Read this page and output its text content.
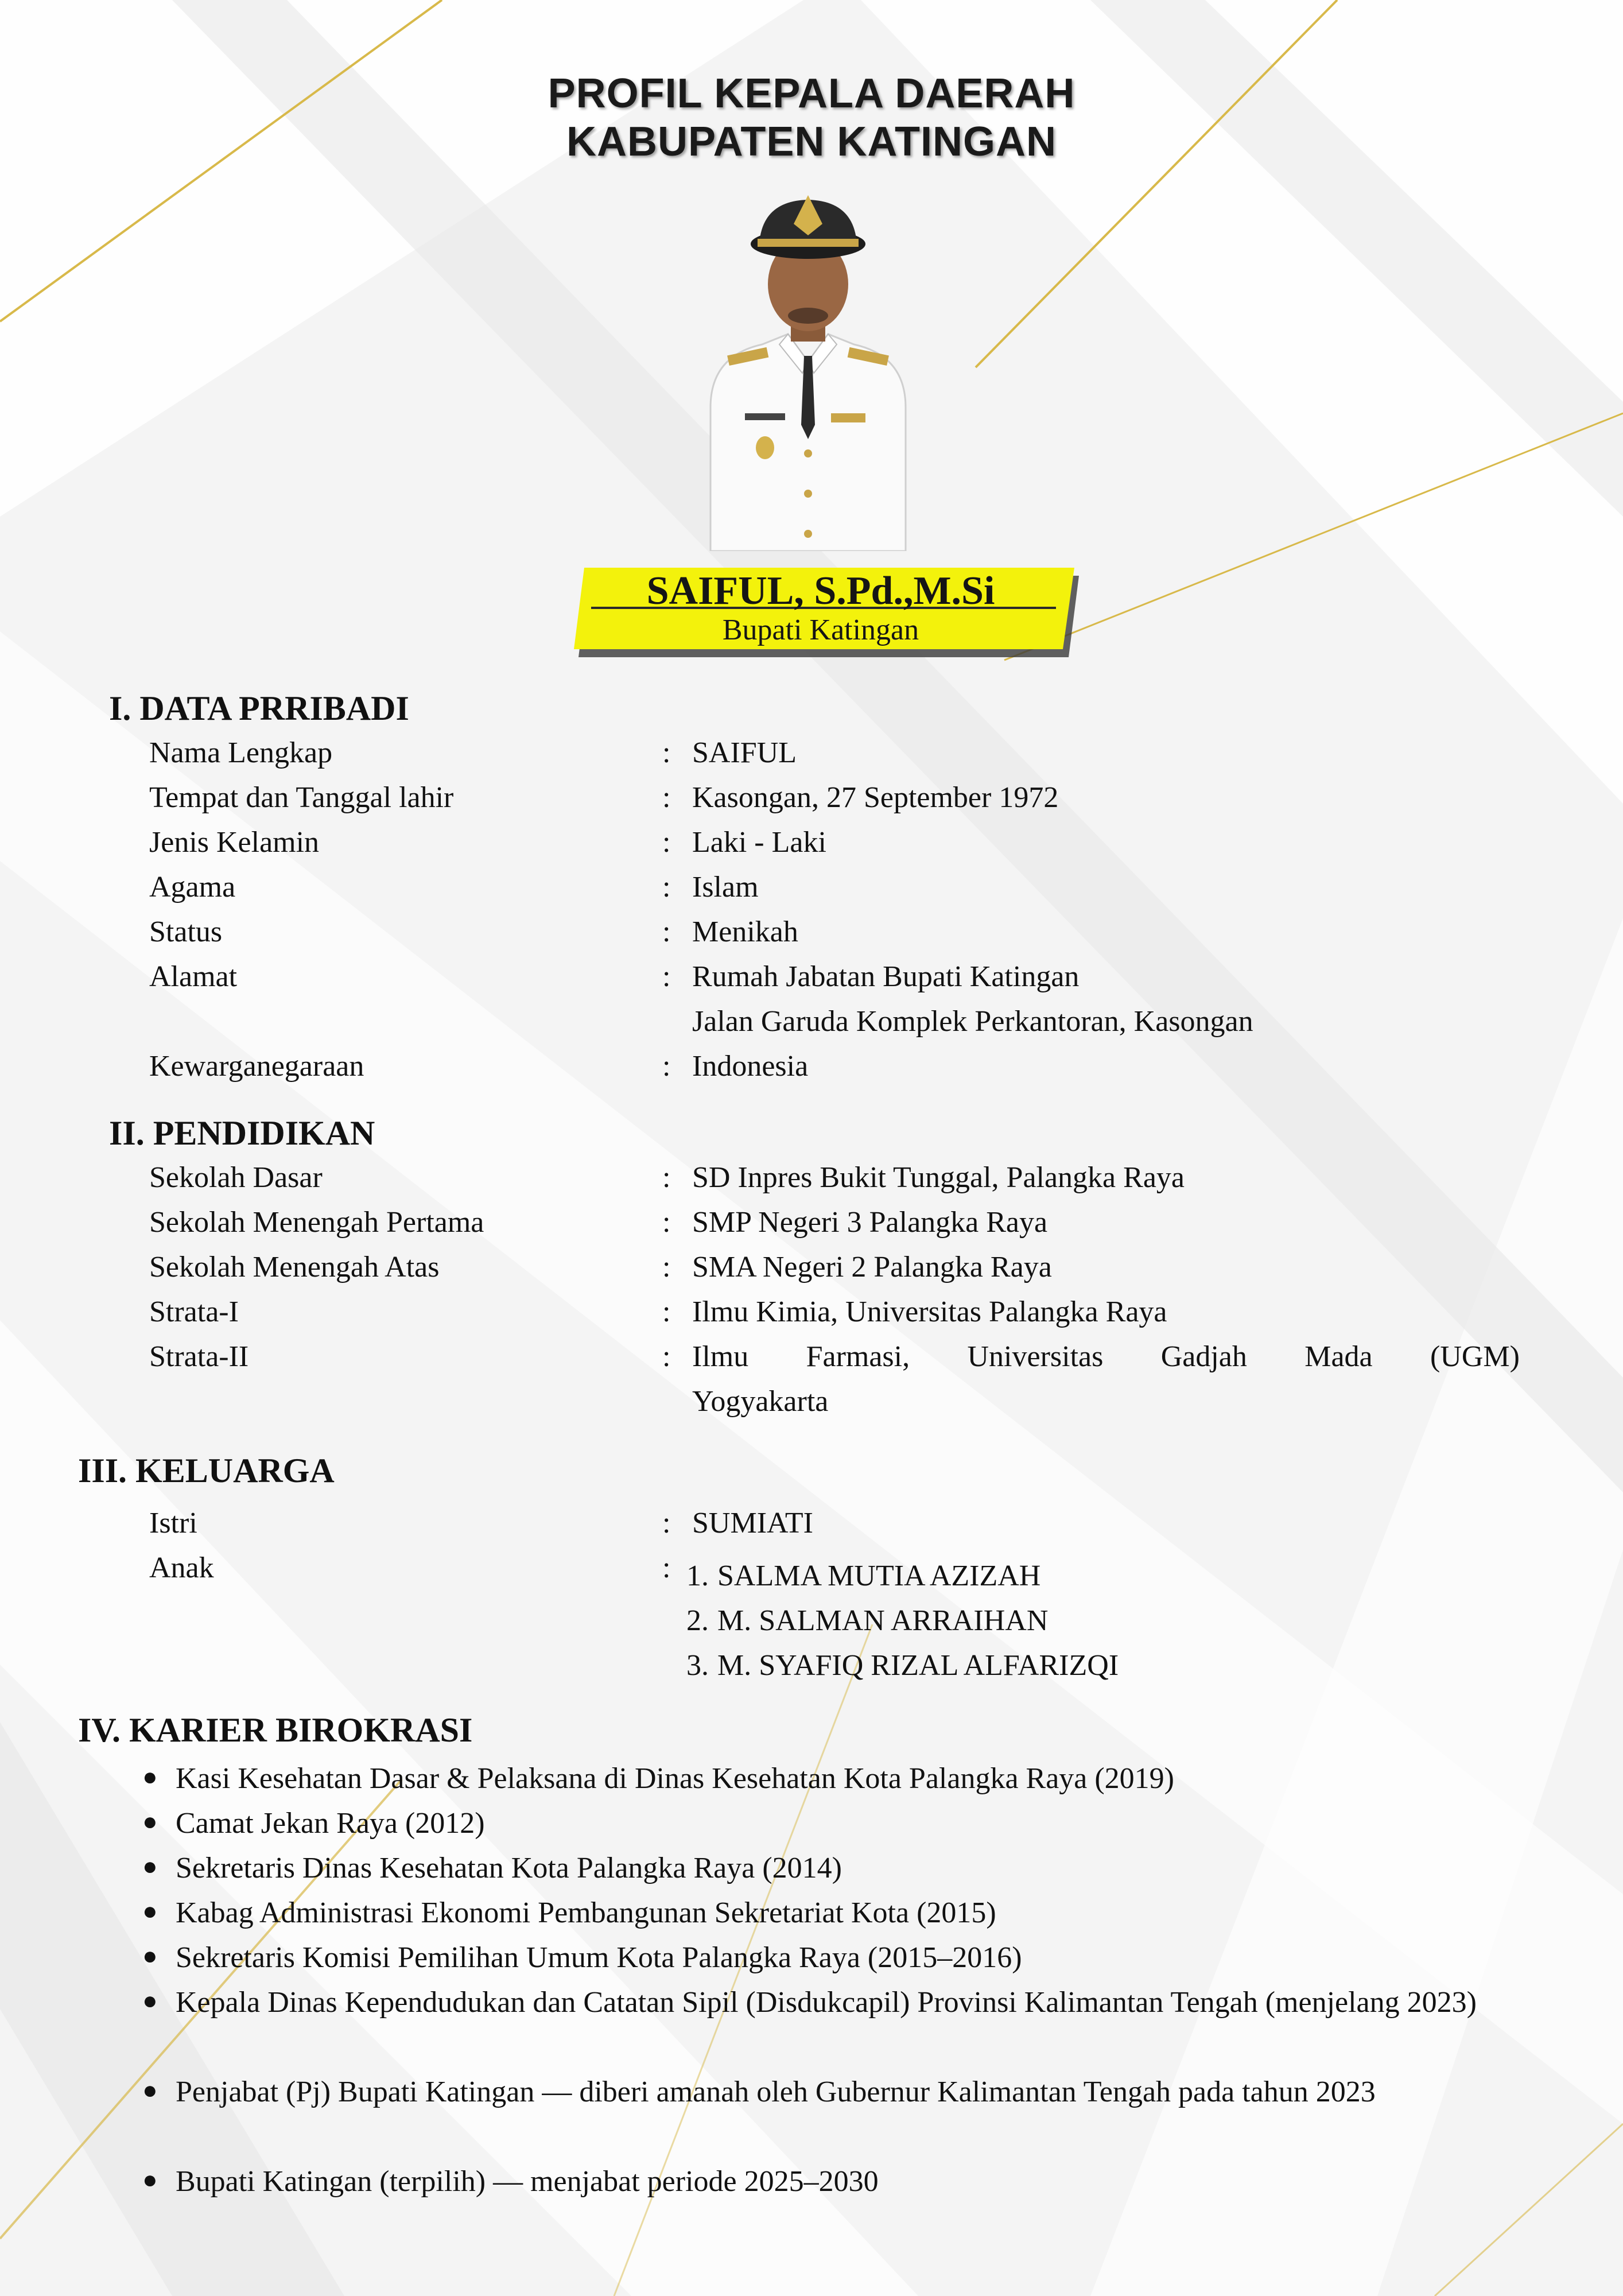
PROFIL KEPALA DAERAH
KABUPATEN KATINGAN
SAIFUL, S.Pd.,M.Si
Bupati Katingan
I. DATA PRRIBADI
Nama Lengkap	: SAIFUL
Tempat dan Tanggal lahir	: Kasongan, 27 September 1972
Jenis Kelamin	: Laki - Laki
Agama	: Islam
Status	: Menikah
Alamat	: Rumah Jabatan Bupati Katingan
Jalan Garuda Komplek Perkantoran, Kasongan
Kewarganegaraan	: Indonesia
II. PENDIDIKAN
Sekolah Dasar	: SD Inpres Bukit Tunggal, Palangka Raya
Sekolah Menengah Pertama	: SMP Negeri 3 Palangka Raya
Sekolah Menengah Atas	: SMA Negeri 2 Palangka Raya
Strata-I	: Ilmu Kimia, Universitas Palangka Raya
Strata-II	: Ilmu Farmasi, Universitas Gadjah Mada (UGM)
Yogyakarta
III. KELUARGA
Istri	: SUMIATI
Anak	: 1. SALMA MUTIA AZIZAH
2. M. SALMAN ARRAIHAN
3. M. SYAFIQ RIZAL ALFARIZQI
IV. KARIER BIROKRASI
● Kasi Kesehatan Dasar & Pelaksana di Dinas Kesehatan Kota Palangka Raya (2019)
● Camat Jekan Raya (2012)
● Sekretaris Dinas Kesehatan Kota Palangka Raya (2014)
● Kabag Administrasi Ekonomi Pembangunan Sekretariat Kota (2015)
● Sekretaris Komisi Pemilihan Umum Kota Palangka Raya (2015–2016)
● Kepala Dinas Kependudukan dan Catatan Sipil (Disdukcapil) Provinsi Kalimantan Tengah (menjelang 2023)
● Penjabat (Pj) Bupati Katingan — diberi amanah oleh Gubernur Kalimantan Tengah pada tahun 2023
● Bupati Katingan (terpilih) — menjabat periode 2025–2030
